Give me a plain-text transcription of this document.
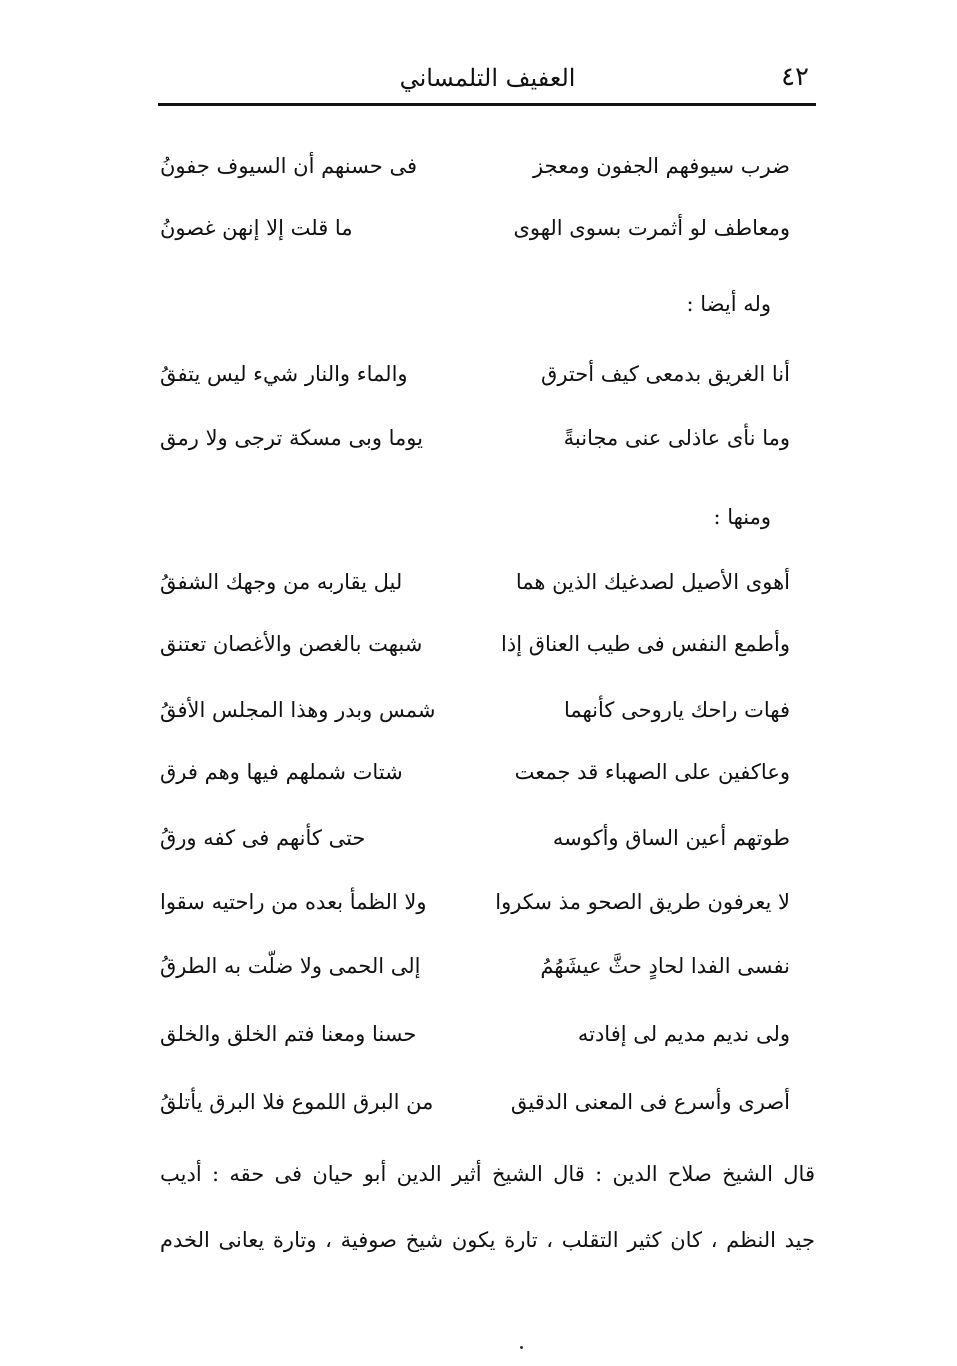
٤٢
العفيف التلمساني
ضرب سيوفهم الجفون ومعجز
فى حسنهم أن السيوف جفونُ
ومعاطف لو أثمرت بسوى الهوى
ما قلت إلا إنهن غصونُ
وله أيضا :
أنا الغريق بدمعى كيف أحترق
والماء والنار شيء ليس يتفقُ
وما نأى عاذلى عنى مجانبةً
يوما وبى مسكة ترجى ولا رمق
ومنها :
أهوى الأصيل لصدغيك الذين هما
ليل يقاربه من وجهك الشفقُ
وأطمع النفس فى طيب العناق إذا
شبهت بالغصن والأغصان تعتنق
فهات راحك ياروحى كأنهما
شمس وبدر وهذا المجلس الأفقُ
وعاكفين على الصهباء قد جمعت
شتات شملهم فيها وهم فرق
طوتهم أعين الساق وأكوسه
حتى كأنهم فى كفه ورقُ
لا يعرفون طريق الصحو مذ سكروا
ولا الظمأ بعده من راحتيه سقوا
نفسى الفدا لحادٍ حثَّ عيشَهُمُ
إلى الحمى ولا ضلّت به الطرقُ
ولى نديم مديم لى إفادته
حسنا ومعنا فتم الخلق والخلق
أصرى وأسرع فى المعنى الدقيق
من البرق اللموع فلا البرق يأتلقُ
قال الشيخ صلاح الدين : قال الشيخ أثير الدين أبو حيان فى حقه : أديب
جيد النظم ، كان كثير التقلب ، تارة يكون شيخ صوفية ، وتارة يعانى الخدم
